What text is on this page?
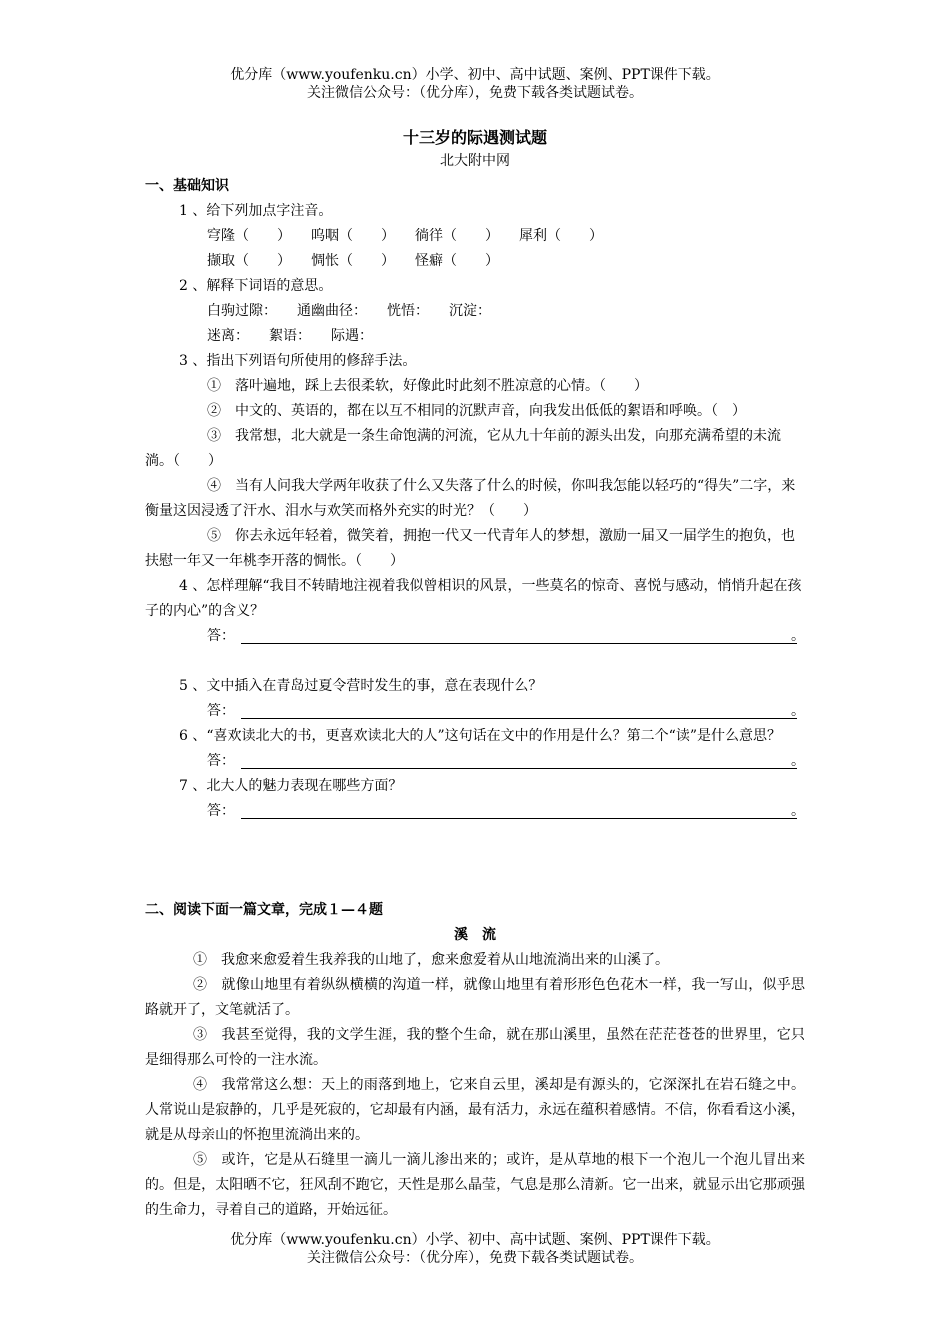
优分库（www.youfenku.cn）小学、初中、高中试题、案例、PPT课件下载。
关注微信公众号：（优分库），免费下载各类试题试卷。
十三岁的际遇测试题
北大附中网
一、基础知识
1 、给下列加点字注音。
穹隆（　　） 呜咽（　　） 徜徉（　　） 犀利（　　）
撷取（　　） 惆怅（　　） 怪癖（　　）
2 、解释下词语的意思。
白驹过隙： 通幽曲径： 恍悟： 沉淀：
迷离： 絮语： 际遇：
3 、指出下列语句所使用的修辞手法。
①　落叶遍地，踩上去很柔软，好像此时此刻不胜凉意的心情。（　　）
②　中文的、英语的，都在以互不相同的沉默声音，向我发出低低的絮语和呼唤。（　）
③　我常想，北大就是一条生命饱满的河流，它从九十年前的源头出发，向那充满希望的未流淌。（　　）
④　当有人问我大学两年收获了什么又失落了什么的时候，你叫我怎能以轻巧的“得失”二字，来衡量这因浸透了汗水、泪水与欢笑而格外充实的时光？（　　）
⑤　你去永远年轻着，微笑着，拥抱一代又一代青年人的梦想，激励一届又一届学生的抱负，也扶慰一年又一年桃李开落的惆怅。（　　）
4 、怎样理解“我目不转睛地注视着我似曾相识的风景，一些莫名的惊奇、喜悦与感动，悄悄升起在孩子的内心”的含义？
答：	。
5 、文中插入在青岛过夏令营时发生的事，意在表现什么？
答：	。
6 、“喜欢读北大的书，更喜欢读北大的人”这句话在文中的作用是什么？第二个“读”是什么意思？
答：	。
7 、北大人的魅力表现在哪些方面？
答：	。
二、阅读下面一篇文章，完成１—４题
溪　流
①　我愈来愈爱着生我养我的山地了，愈来愈爱着从山地流淌出来的山溪了。
②　就像山地里有着纵纵横横的沟道一样，就像山地里有着形形色色花木一样，我一写山，似乎思路就开了，文笔就活了。
③　我甚至觉得，我的文学生涯，我的整个生命，就在那山溪里，虽然在茫茫苍苍的世界里，它只是细得那么可怜的一注水流。
④　我常常这么想：天上的雨落到地上，它来自云里，溪却是有源头的，它深深扎在岩石缝之中。人常说山是寂静的，几乎是死寂的，它却最有内涵，最有活力，永远在蕴积着感情。不信，你看看这小溪，就是从母亲山的怀抱里流淌出来的。
⑤　或许，它是从石缝里一滴儿一滴儿渗出来的；或许，是从草地的根下一个泡儿一个泡儿冒出来的。但是，太阳晒不它，狂风刮不跑它，天性是那么晶莹，气息是那么清新。它一出来，就显示出它那顽强的生命力，寻着自己的道路，开始远征。
优分库（www.youfenku.cn）小学、初中、高中试题、案例、PPT课件下载。
关注微信公众号：（优分库），免费下载各类试题试卷。
